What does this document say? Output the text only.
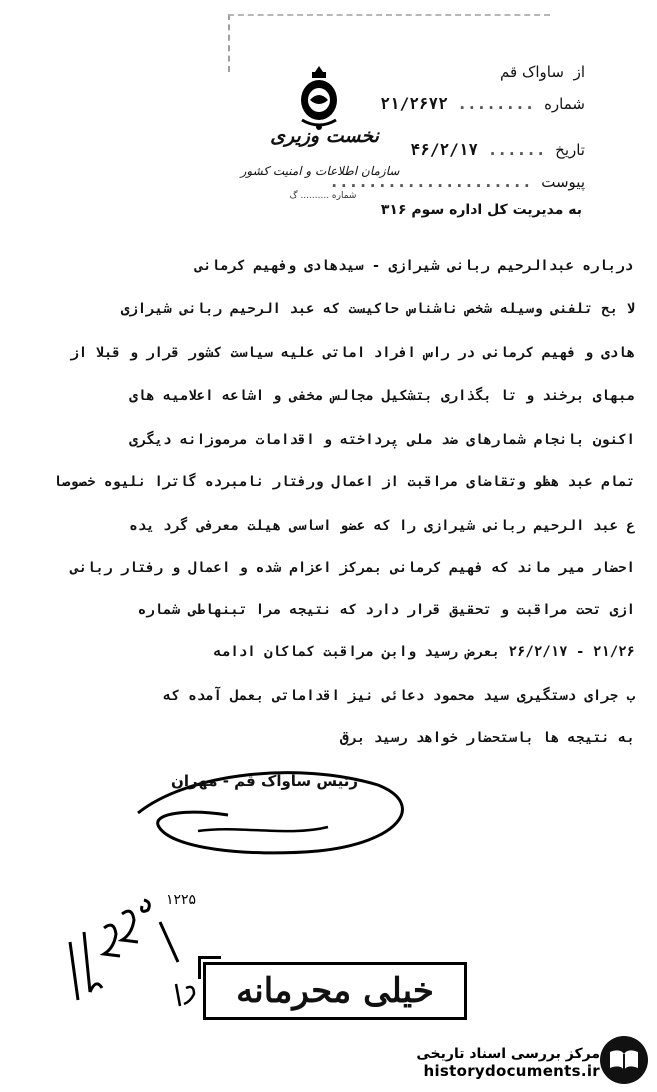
نخست وزیری
سازمان اطلاعات و امنیت کشور
شماره .......... گ
از ساواک قم
شماره ........ ۲۱/۲۶۷۲
تاریخ ...... ۴۶/۲/۱۷
پیوست .....................
به مدیریت کل اداره سوم ۳۱۶
درباره عبدالرحیم ربانی شیرازی - سیدهادی وفهیم کرمانی
لا بح تلفنی وسیله شخص ناشناس حاکیست که عبد الرحیم ربانی شیرازی
هادی و فهیم کرمانی در راس افراد اماتی علیه سیاست کشور قرار و قبلا از
مبهای برخند و تا بگذاری بتشکیل مجالس مخفی و اشاعه اعلامیه های
اکنون بانجام شمارهای ضد ملی پرداخته و اقدامات مرموزانه دیگری
تمام عبد هظو وتقاضای مراقبت از اعمال ورفتار نامبرده گاترا نلیوه خصوصا
ع عبد الرحیم ربانی شیرازی را که عضو اساسی هیلت معرفی گرد یده
احضار میر ماند که فهیم کرمانی بمرکز اعزام شده و اعمال و رفتار ربانی
ازی تحت مراقبت و تحقیق قرار دارد که نتیجه مرا تبنهاطی شماره
۲۱/۲۶ - ۲۶/۲/۱۷ بعرض رسید وابن مراقبت کماکان ادامه
ب جرای دستگیری سید محمود دعائی نیز اقداماتی بعمل آمده که
به نتیجه ها باستحضار خواهد رسید برق
رئیس ساواک قم - مهران
۱۲۲۵
خیلی محرمانه
مرکز بررسی اسناد تاریخی
historydocuments.ir
